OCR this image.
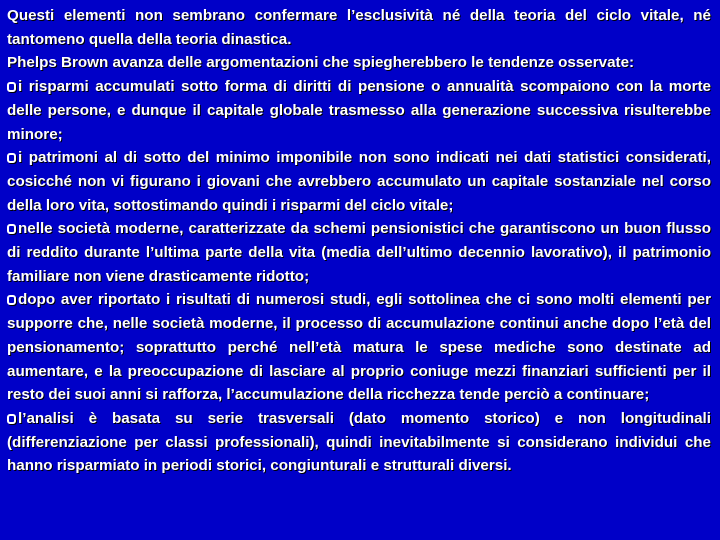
Questi elementi non sembrano confermare l’esclusività né della teoria del ciclo vitale, né tantomeno quella della teoria dinastica.

Phelps Brown avanza delle argomentazioni che spiegherebbero le tendenze osservate:

i risparmi accumulati sotto forma di diritti di pensione o annualità scompaiono con la morte delle persone, e dunque il capitale globale trasmesso alla generazione successiva risulterebbe minore;

i patrimoni al di sotto del minimo imponibile non sono indicati nei dati statistici considerati, cosicché non vi figurano i giovani che avrebbero accumulato un capitale sostanziale nel corso della loro vita, sottostimando quindi i risparmi del ciclo vitale;

nelle società moderne, caratterizzate da schemi pensionistici che garantiscono un buon flusso di reddito durante l’ultima parte della vita (media dell’ultimo decennio lavorativo), il patrimonio familiare non viene drasticamente ridotto;

dopo aver riportato i risultati di numerosi studi, egli sottolinea che ci sono molti elementi per supporre che, nelle società moderne, il processo di accumulazione continui anche dopo l’età del pensionamento; soprattutto perché nell’età matura le spese mediche sono destinate ad aumentare, e la preoccupazione di lasciare al proprio coniuge mezzi finanziari sufficienti per il resto dei suoi anni si rafforza, l’accumulazione della ricchezza tende perciò a continuare;

l’analisi è basata su serie trasversali (dato momento storico) e non longitudinali (differenziazione per classi professionali), quindi inevitabilmente si considerano individui che hanno risparmiato in periodi storici, congiunturali e strutturali diversi.
